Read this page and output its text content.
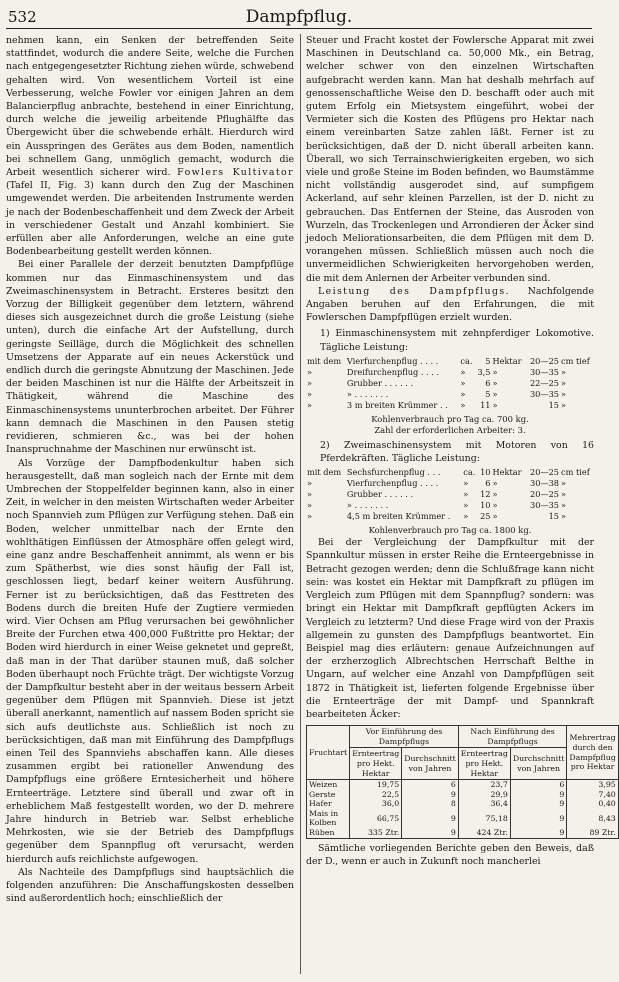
532	Dampfpflug.

nehmen kann, ein Senken der betreffenden Seite stattfindet, wodurch die andere Seite, welche die Furchen nach entgegengesetzter Richtung ziehen würde, schwebend gehalten wird. Von wesentlichem Vorteil ist eine Verbesserung, welche Fowler vor einigen Jahren an dem Balancierpflug anbrachte, bestehend in einer Einrichtung, durch welche die jeweilig arbeitende Pflughälfte das Übergewicht über die schwebende erhält. Hierdurch wird ein Ausspringen des Gerätes aus dem Boden, namentlich bei schnellem Gang, unmöglich gemacht, wodurch die Arbeit wesentlich sicherer wird. Fowlers Kultivator (Tafel II, Fig. 3) kann durch den Zug der Maschinen umgewendet werden. Die arbeitenden Instrumente werden je nach der Bodenbeschaffenheit und dem Zweck der Arbeit in verschiedener Gestalt und Anzahl kombiniert. Sie erfüllen aber alle Anforderungen, welche an eine gute Bodenbearbeitung gestellt werden können.

Bei einer Parallele der derzeit benutzten Dampfpflüge kommen nur das Einmaschinensystem und das Zweimaschinensystem in Betracht. Ersteres besitzt den Vorzug der Billigkeit gegenüber dem letztern, während dieses sich ausgezeichnet durch die große Leistung (siehe unten), durch die einfache Art der Aufstellung, durch geringste Seilläge, durch die Möglichkeit des schnellen Umsetzens der Apparate auf ein neues Ackerstück und endlich durch die geringste Abnutzung der Maschinen. Jede der beiden Maschinen ist nur die Hälfte der Arbeitszeit in Thätigkeit, während die Maschine des Einmaschinensystems ununterbrochen arbeitet. Der Führer kann demnach die Maschinen in den Pausen stetig revidieren, schmieren &c., was bei der hohen Inanspruchnahme der Maschinen nur erwünscht ist.

Als Vorzüge der Dampfbodenkultur haben sich herausgestellt, daß man sogleich nach der Ernte mit dem Umbrechen der Stoppelfelder beginnen kann, also in einer Zeit, in welcher in den meisten Wirtschaften weder Arbeiter noch Spannvieh zum Pflügen zur Verfügung stehen. Daß ein Boden, welcher unmittelbar nach der Ernte den wohlthätigen Einflüssen der Atmosphäre offen gelegt wird, eine ganz andre Beschaffenheit annimmt, als wenn er bis zum Spätherbst, wie dies sonst häufig der Fall ist, geschlossen liegt, bedarf keiner weitern Ausführung. Ferner ist zu berücksichtigen, daß das Festtreten des Bodens durch die breiten Hufe der Zugtiere vermieden wird. Vier Ochsen am Pflug verursachen bei gewöhnlicher Breite der Furchen etwa 400,000 Fußtritte pro Hektar; der Boden wird hierdurch in einer Weise geknetet und gepreßt, daß man in der That darüber staunen muß, daß solcher Boden überhaupt noch Früchte trägt. Der wichtigste Vorzug der Dampfkultur besteht aber in der weitaus bessern Arbeit gegenüber dem Pflügen mit Spannvieh. Diese ist jetzt überall anerkannt, namentlich auf nassem Boden spricht sie sich aufs deutlichste aus. Schließlich ist noch zu berücksichtigen, daß man mit Einführung des Dampfpflugs einen Teil des Spannviehs abschaffen kann. Alle dieses zusammen ergibt bei rationeller Anwendung des Dampfpflugs eine größere Erntesicherheit und höhere Ernteerträge. Letztere sind überall und zwar oft in erheblichem Maß festgestellt worden, wo der D. mehrere Jahre hindurch in Betrieb war. Selbst erhebliche Mehrkosten, wie sie der Betrieb des Dampfpflugs gegenüber dem Spannpflug oft verursacht, werden hierdurch aufs reichlichste aufgewogen.

Als Nachteile des Dampfpflugs sind hauptsächlich die folgenden anzuführen: Die Anschaffungskosten desselben sind außerordentlich hoch; einschließlich der

Steuer und Fracht kostet der Fowlersche Apparat mit zwei Maschinen in Deutschland ca. 50,000 Mk., ein Betrag, welcher schwer von den einzelnen Wirtschaften aufgebracht werden kann. Man hat deshalb mehrfach auf genossenschaftliche Weise den D. beschafft oder auch mit gutem Erfolg ein Mietsystem eingeführt, wobei der Vermieter sich die Kosten des Pflügens pro Hektar nach einem vereinbarten Satze zahlen läßt. Ferner ist zu berücksichtigen, daß der D. nicht überall arbeiten kann. Überall, wo sich Terrainschwierigkeiten ergeben, wo sich viele und große Steine im Boden befinden, wo Baumstämme nicht vollständig ausgerodet sind, auf sumpfigem Ackerland, auf sehr kleinen Parzellen, ist der D. nicht zu gebrauchen. Das Entfernen der Steine, das Ausroden von Wurzeln, das Trockenlegen und Arrondieren der Äcker sind jedoch Meliorationsarbeiten, die dem Pflügen mit dem D. vorangehen müssen. Schließlich müssen auch noch die unvermeidlichen Schwierigkeiten hervorgehoben werden, die mit dem Anlernen der Arbeiter verbunden sind.

Leistung des Dampfpflugs. Nachfolgende Angaben beruhen auf den Erfahrungen, die mit Fowlerschen Dampfpflügen erzielt wurden.

1) Einmaschinensystem mit zehnpferdiger Lokomotive. Tägliche Leistung:

mit dem	Vierfurchenpflug . . . .	ca.	5	Hektar	20—25	cm tief
»	Dreifurchenpflug . . . .	»	3,5	»	30—35	»
»	Grubber . . . . . .	»	6	»	22—25	»
»	» . . . . . . .	»	5	»	30—35	»
»	3 m breiten Krümmer . .	»	11	»	15	»
Kohlenverbrauch pro Tag ca. 700 kg.
Zahl der erforderlichen Arbeiter: 3.

2) Zweimaschinensystem mit Motoren von 16 Pferdekräften. Tägliche Leistung:

mit dem	Sechsfurchenpflug . . .	ca.	10	Hektar	20—25	cm tief
»	Vierfurchenpflug . . . .	»	6	»	30—38	»
»	Grubber . . . . . .	»	12	»	20—25	»
»	» . . . . . . .	»	10	»	30—35	»
»	4,5 m breiten Krümmer .	»	25	»	15	»
Kohlenverbrauch pro Tag ca. 1800 kg.

Bei der Vergleichung der Dampfkultur mit der Spannkultur müssen in erster Reihe die Ernteergebnisse in Betracht gezogen werden; denn die Schlußfrage kann nicht sein: was kostet ein Hektar mit Dampfkraft zu pflügen im Vergleich zum Pflügen mit dem Spannpflug? sondern: was bringt ein Hektar mit Dampfkraft gepflügten Ackers im Vergleich zu letzterm? Und diese Frage wird von der Praxis allgemein zu gunsten des Dampfpflugs beantwortet. Ein Beispiel mag dies erläutern: genaue Aufzeichnungen auf der erzherzoglich Albrechtschen Herrschaft Belthe in Ungarn, auf welcher eine Anzahl von Dampfpflügen seit 1872 in Thätigkeit ist, lieferten folgende Ergebnisse über die Ernteerträge der mit Dampf- und Spannkraft bearbeiteten Äcker:

Fruchtart	Vor Einführung des Dampfpflugs		Nach Einführung des Dampfpflugs		Mehrertrag durch den Dampfpflug pro Hektar
	Ernteertrag pro Hekt. Hektar	Durchschnitt von Jahren	Ernteertrag pro Hekt. Hektar	Durchschnitt von Jahren	
Weizen	19,75	6	23,7	6	3,95
Gerste	22,5	9	29,9	9	7,40
Hafer	36,0	8	36,4	9	0,40
Mais in Kolben	66,75	9	75,18	9	8,43
Rüben	335 Ztr.	9	424 Ztr.	9	89 Ztr.

Sämtliche vorliegenden Berichte geben den Beweis, daß der D., wenn er auch in Zukunft noch mancherlei
